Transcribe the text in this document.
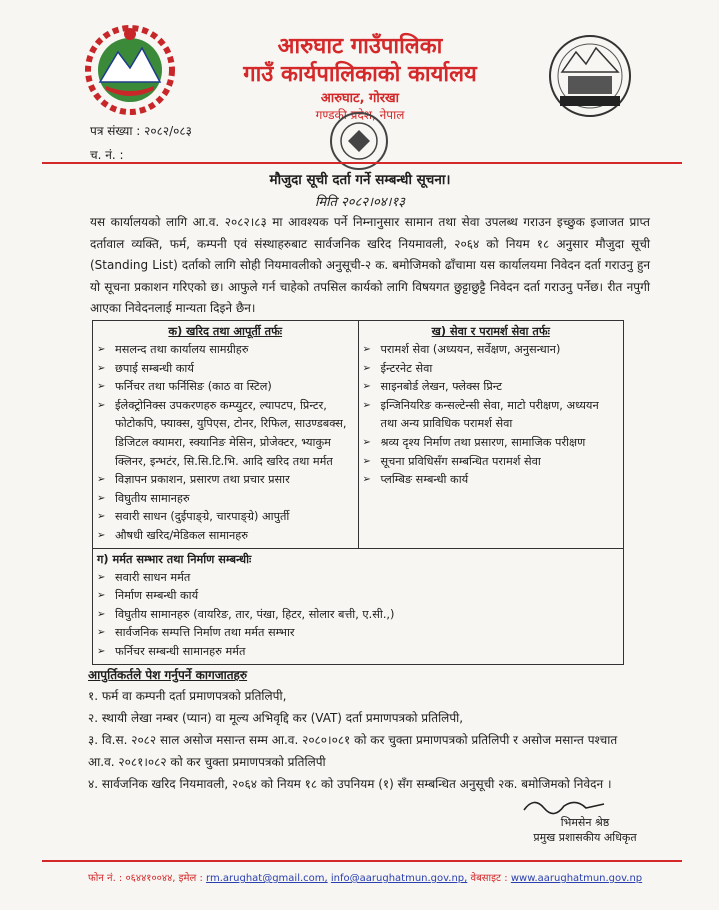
आरुघाट गाउँपालिका
गाउँ कार्यपालिकाको कार्यालय
आरुघाट, गोरखा
गण्डकी प्रदेश, नेपाल
पत्र संख्या : २०८२/०८३
च. नं. :
मौजुदा सूची दर्ता गर्ने सम्बन्धी सूचना।
मिति २०८२।०४।१३
यस कार्यालयको लागि आ.व. २०८२।८३ मा आवश्यक पर्ने निम्नानुसार सामान तथा सेवा उपलब्ध गराउन इच्छुक इजाजत प्राप्त दर्तावाल व्यक्ति, फर्म, कम्पनी एवं संस्थाहरुबाट सार्वजनिक खरिद नियमावली, २०६४ को नियम १८ अनुसार मौजुदा सूची (Standing List) दर्ताको लागि सोही नियमावलीको अनुसूची-२ क. बमोजिमको ढाँचामा यस कार्यालयमा निवेदन दर्ता गराउनु हुन यो सूचना प्रकाशन गरिएको छ। आफुले गर्न चाहेको तपसिल कार्यको लागि विषयगत छुट्टाछुट्टै निवेदन दर्ता गराउनु पर्नेछ। रीत नपुगी आएका निवेदनलाई मान्यता दिइने छैन।
क) खरिद तथा आपूर्ती तर्फः
➢ मसलन्द तथा कार्यालय सामग्रीहरु
➢ छपाई सम्बन्धी कार्य
➢ फर्निचर तथा फर्निसिङ (काठ वा स्टिल)
➢ ईलेक्ट्रोनिक्स उपकरणहरु कम्प्युटर, ल्यापटप, प्रिन्टर,
फोटोकपि, फ्याक्स, युपिएस, टोनर, रिफिल, साउण्डबक्स,
डिजिटल क्यामरा, स्क्यानिङ मेसिन, प्रोजेक्टर, भ्याकुम
क्लिनर, इन्भटंर, सि.सि.टि.भि. आदि खरिद तथा मर्मत
➢ विज्ञापन प्रकाशन, प्रसारण तथा प्रचार प्रसार
➢ विघुतीय सामानहरु
➢ सवारी साधन (दुईपाङ्ग्रे, चारपाङ्ग्रे) आपुर्ती
➢ औषधी खरिद/मेडिकल सामानहरु

ख) सेवा र परामर्श सेवा तर्फः
➢ परामर्श सेवा (अध्ययन, सर्वेक्षण, अनुसन्धान)
➢ ईन्टरनेट सेवा
➢ साइनबोर्ड लेखन, फ्लेक्स प्रिन्ट
➢ इन्जिनियरिङ कन्सल्टेन्सी सेवा, माटो परीक्षण, अध्ययन
तथा अन्य प्राविधिक परामर्श सेवा
➢ श्रव्य दृश्य निर्माण तथा प्रसारण, सामाजिक परीक्षण
➢ सूचना प्रविधिसँग सम्बन्धित परामर्श सेवा
➢ प्लम्बिङ सम्बन्धी कार्य

ग) मर्मत सम्भार तथा निर्माण सम्बन्धीः
➢ सवारी साधन मर्मत
➢ निर्माण सम्बन्धी कार्य
➢ विघुतीय सामानहरु (वायरिङ, तार, पंखा, हिटर, सोलार बत्ती, ए.सी.,)
➢ सार्वजनिक सम्पत्ति निर्माण तथा मर्मत सम्भार
➢ फर्निचर सम्बन्धी सामानहरु मर्मत
आपुर्तिकर्तले पेश गर्नुपर्ने कागजातहरु
१. फर्म वा कम्पनी दर्ता प्रमाणपत्रको प्रतिलिपी,
२. स्थायी लेखा नम्बर (प्यान) वा मूल्य अभिवृद्दि कर (VAT) दर्ता प्रमाणपत्रको प्रतिलिपी,
३. वि.स. २०८२ साल असोज मसान्त सम्म आ.व. २०८०।०८१ को कर चुक्ता प्रमाणपत्रको प्रतिलिपी र असोज मसान्त पश्चात
आ.व. २०८१।०८२ को कर चुक्ता प्रमाणपत्रको प्रतिलिपी
४. सार्वजनिक खरिद नियमावली, २०६४ को नियम १८ को उपनियम (१) सँग सम्बन्धित अनुसूची २क. बमोजिमको निवेदन ।
भिमसेन श्रेष्ठ
प्रमुख प्रशासकीय अधिकृत
फोन नं. : ०६४४१००४४, इमेल : rm.arughat@gmail.com, info@aarughatmun.gov.np, वेबसाइट : www.aarughatmun.gov.np
